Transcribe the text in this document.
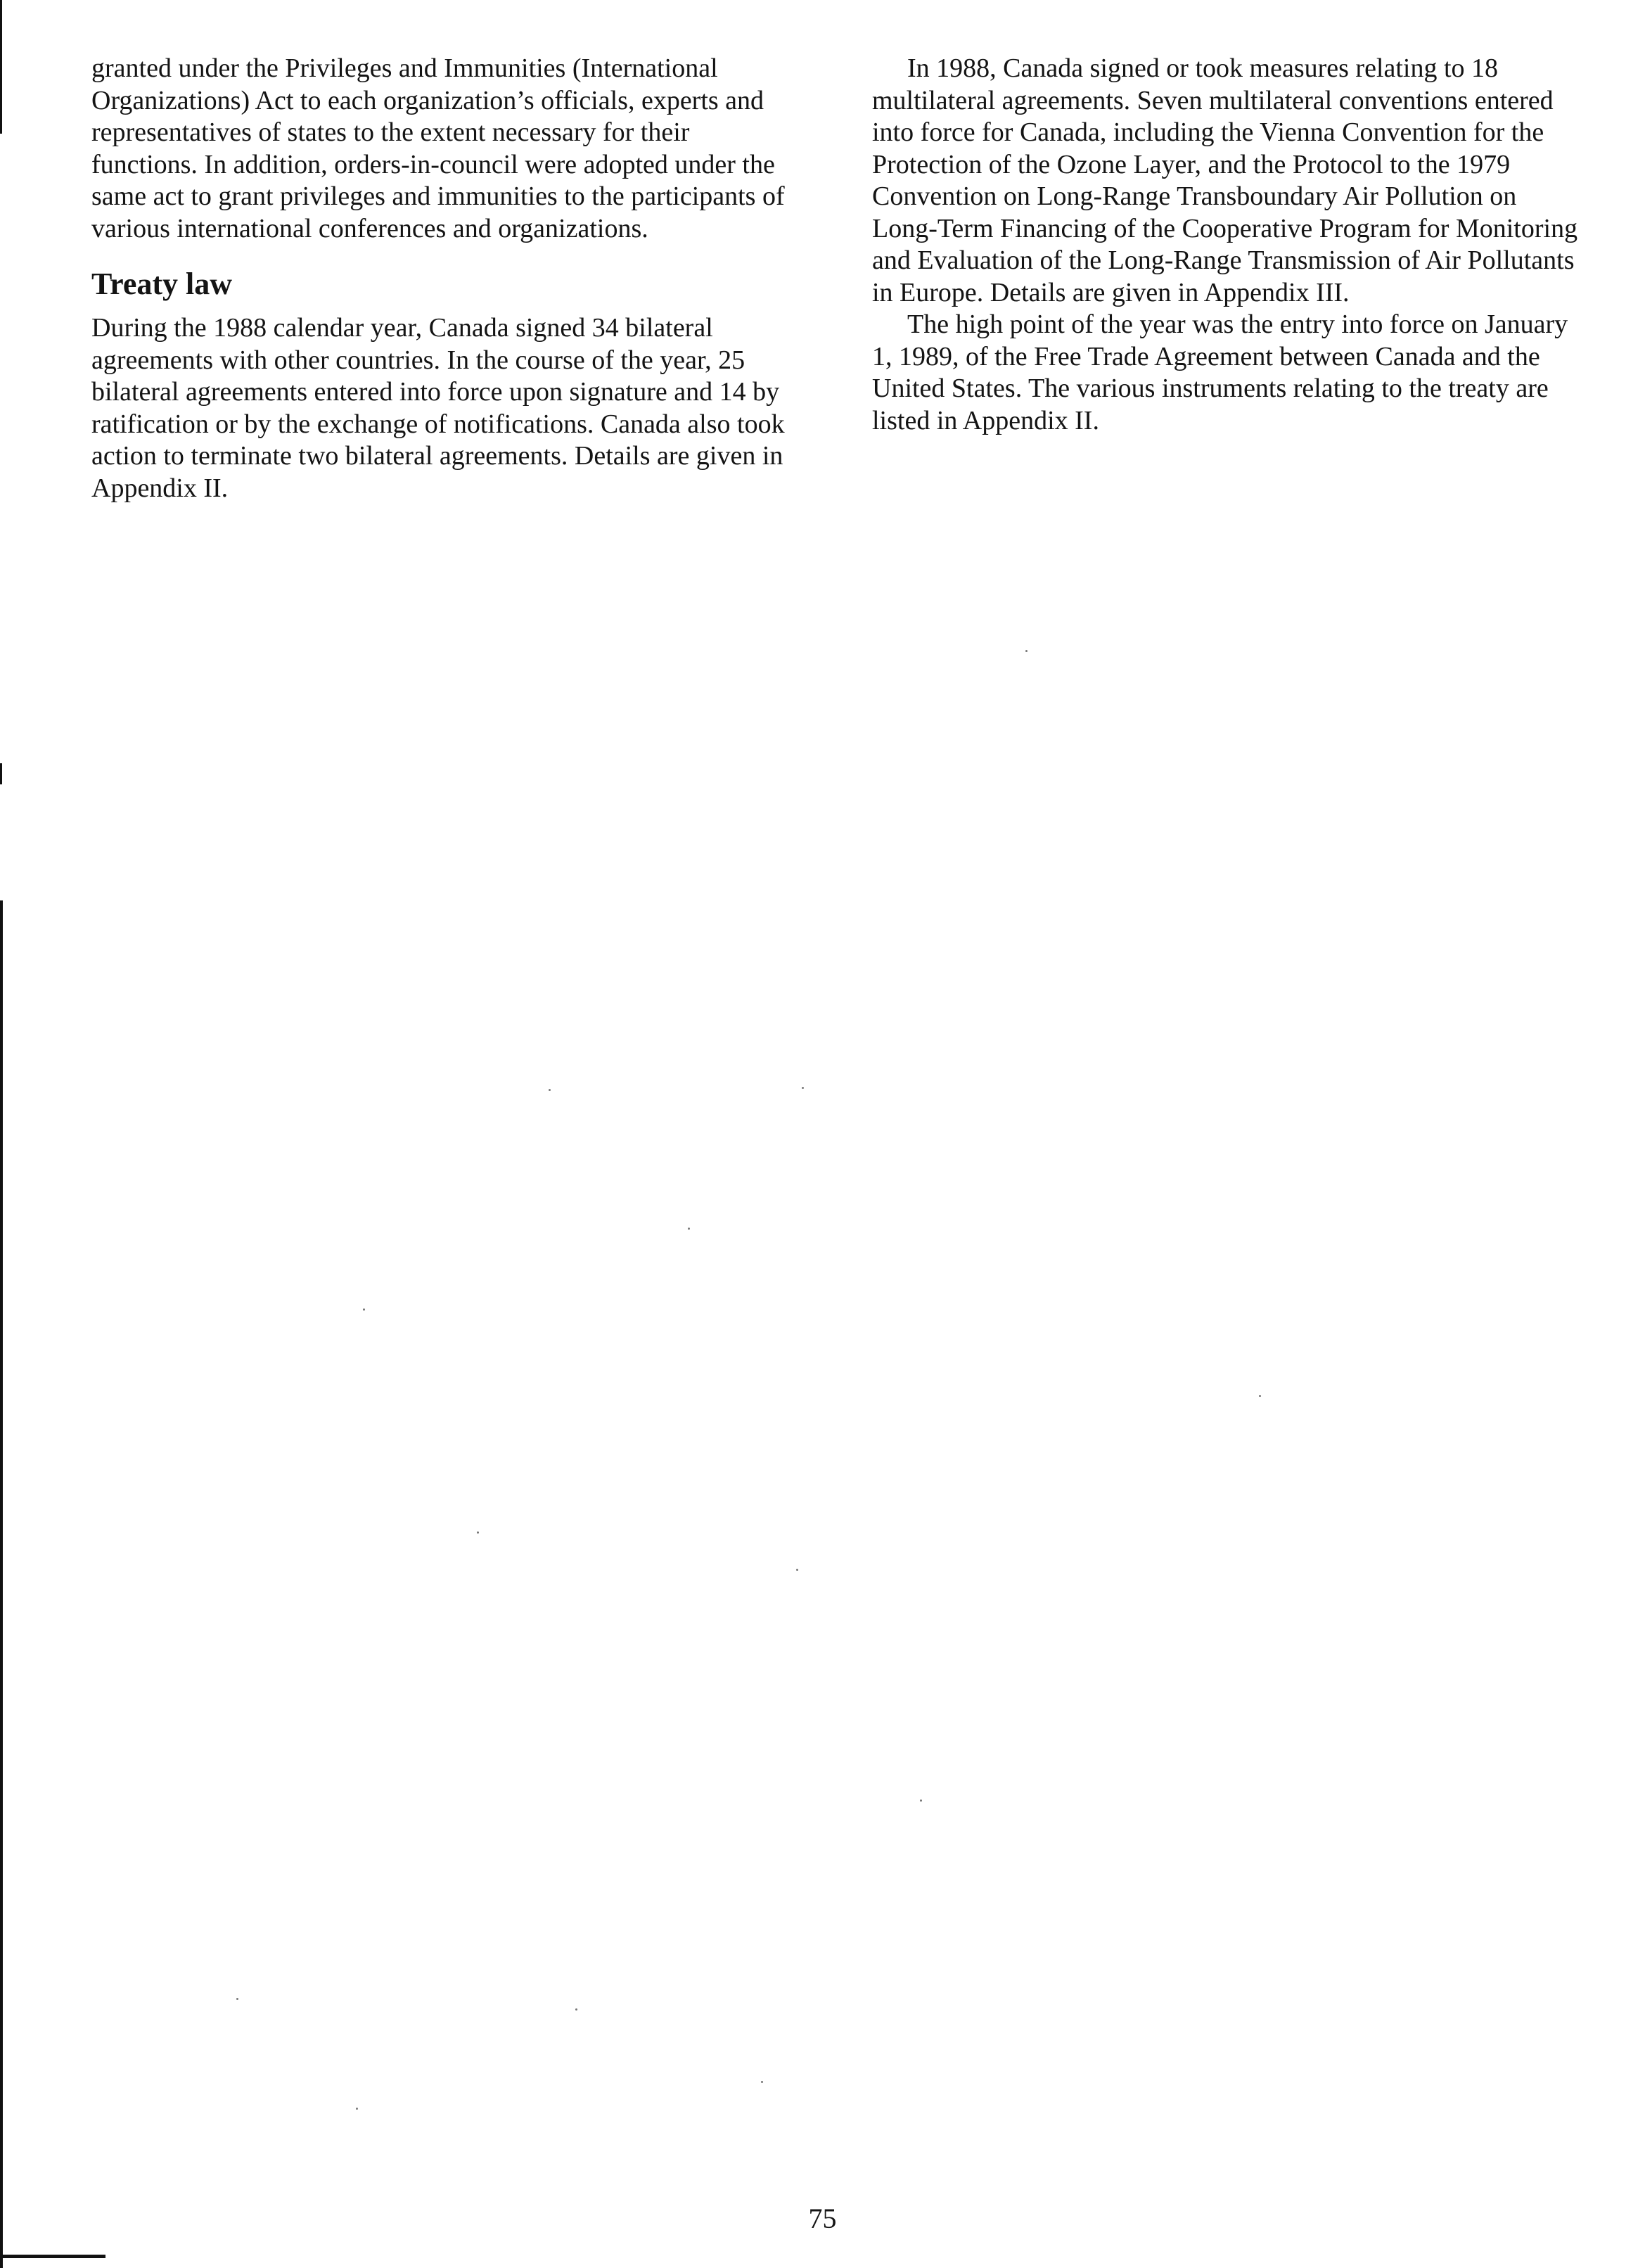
granted under the Privileges and Immunities (International Organizations) Act to each organization’s officials, experts and representatives of states to the extent necessary for their functions. In addition, orders-in-council were adopted under the same act to grant privileges and immunities to the participants of various international conferences and organizations.

Treaty law

During the 1988 calendar year, Canada signed 34 bilateral agreements with other countries. In the course of the year, 25 bilateral agreements entered into force upon signature and 14 by ratification or by the exchange of notifications. Canada also took action to terminate two bilateral agreements. Details are given in Appendix II.

In 1988, Canada signed or took measures relating to 18 multilateral agreements. Seven multilateral conventions entered into force for Canada, including the Vienna Convention for the Protection of the Ozone Layer, and the Protocol to the 1979 Convention on Long-Range Transboundary Air Pollution on Long-Term Financing of the Cooperative Program for Monitoring and Evaluation of the Long-Range Transmission of Air Pollutants in Europe. Details are given in Appendix III.

The high point of the year was the entry into force on January 1, 1989, of the Free Trade Agreement between Canada and the United States. The various instruments relating to the treaty are listed in Appendix II.

75
